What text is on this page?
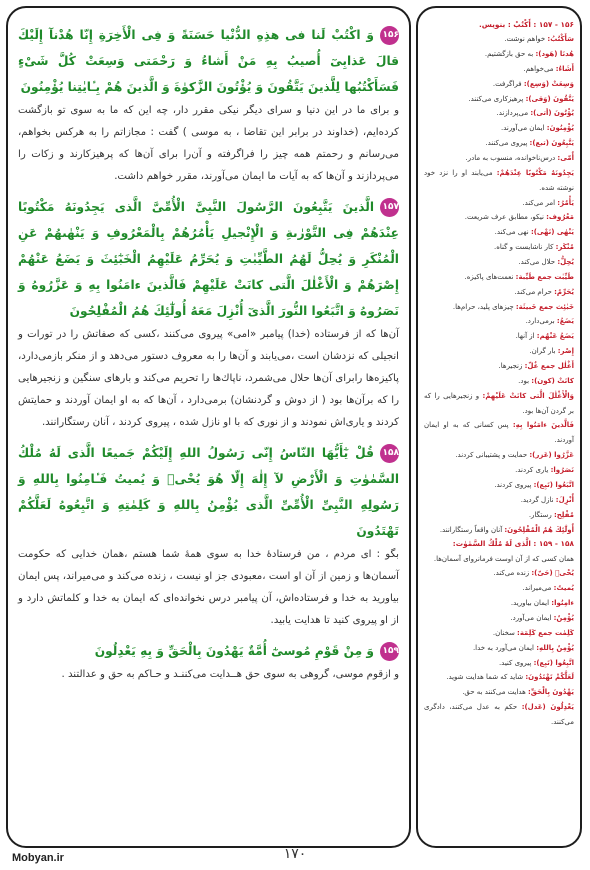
۱۵۶وَ اكْتُبْ لَنا فى هذِهِ الدُّنْيا حَسَنَةً وَ فِى الْأَخِرَةِ إِنّا هُدْنآ إِلَيْكَ قالَ عَذابِىٓ أُصيبُ بِهِ مَنْ أَشاءُ وَ رَحْمَتى وَسِعَتْ كُلَّ شَىْءٍ فَسَأَكْتُبُها لِلَّذينَ يَتَّقُونَ وَ يُؤْتُونَ الزَّكوٰةَ وَ الَّذينَ هُمْ بِـٔايٰتِنا يُؤْمِنُونَ
و براى ما در اين دنيا و سراى ديگر نيكى مقرر دار، چه اين كه ما به سوى تو بازگشت كرده‌ايم، (خداوند در برابر اين تقاضا ، به موسى ) گفت : مجازاتم را به هركس بخواهم، مى‌رسانم و رحمتم همه چيز را فراگرفته و آن‌را براى آن‌ها كه پرهيزكارند و زكات را مى‌پردازند و آن‌ها كه به آيات ما ايمان مى‌آورند، مقرر خواهم داشت.
۱۵۷الَّذينَ يَتَّبِعُونَ الرَّسُولَ النَّبِىَّ الْأُمِّىَّ الَّذى يَجِدُونَهُ مَكْتُوبًا عِنْدَهُمْ فِى التَّوْرٰىةِ وَ الْإِنْجيلِ يَأْمُرُهُمْ بِالْمَعْرُوفِ وَ يَنْهٰىهُمْ عَنِ الْمُنْكَرِ وَ يُحِلُّ لَهُمُ الطَّيِّبٰتِ وَ يُحَرِّمُ عَلَيْهِمُ الْخَبٰٓئِثَ وَ يَضَعُ عَنْهُمْ إِصْرَهُمْ وَ الْأَغْلٰلَ الَّتى كانَتْ عَلَيْهِمْ فَالَّذينَ ءامَنُوا بِهِ وَ عَزَّرُوهُ وَ نَصَرُوهُ وَ اتَّبَعُوا النُّورَ الَّذىٓ أُنْزِلَ مَعَهُ أُولٰٓئِكَ هُمُ الْمُفْلِحُونَ
آن‌ها كه از فرستاده (خدا) پيامبر «امى» پيروى مى‌كنند ،كسى كه صفاتش را در تورات و انجيلى كه نزدشان است ،مى‌يابند و آن‌ها را به معروف دستور مى‌دهد و از منكر بازمى‌دارد، پاكيزه‌ها رابراى آن‌ها حلال مى‌شمرد، ناپاك‌ها را تحريم مى‌كند و بارهاى سنگين و زنجيرهايى را كه برآن‌ها بود ( از دوش و گردنشان) برمى‌دارد ، آن‌ها كه به او ايمان آوردند و حمايتش كردند و يارى‌اش نمودند و از نورى كه با او نازل شده ، پيروى كردند ، آنان رستگارانند.
۱۵۸قُلْ يٰٓأَيُّهَا النّاسُ إِنّى رَسُولُ اللهِ إِلَيْكُمْ جَميعًا الَّذى لَهُ مُلْكُ السَّمٰوٰتِ وَ الْأَرْضِ لآ إِلٰهَ إِلّا هُوَ يُحْىٖ وَ يُميتُ فَـٔامِنُوا بِاللهِ وَ رَسُولِهِ النَّبِىِّ الْأُمِّىِّ الَّذى يُؤْمِنُ بِاللهِ وَ كَلِمٰتِهِ وَ اتَّبِعُوهُ لَعَلَّكُمْ تَهْتَدُونَ
بگو : اى مردم ، من فرستادۀ خدا به سوى همۀ شما هستم ،همان خدايى كه حكومت آسمان‌ها و زمين از آن او است ،معبودى جز او نيست ، زنده مى‌كند و مى‌ميراند، پس ايمان بياوريد به خدا و فرستاده‌اش، آن پيامبر درس نخوانده‌اى كه ايمان به خدا و كلماتش دارد و از او پيروى كنيد تا هدايت يابيد.
۱۵۹وَ مِنْ قَوْمِ مُوسىٰٓ أُمَّةٌ يَهْدُونَ بِالْحَقِّ وَ بِهِ يَعْدِلُونَ
و ازقوم موسى، گروهى به سوى حق هــدايت مى‌كننـد و حـاكم به حق و عدالتند .

۱۵۶ - ۱۵۷ : أَكْتُبْ : بنويس.

سَأَكْتُبُ: خواهم نوشت.

هُدنَا (هَود): به حق بازگشتيم.

أَشَاءُ: مى‌خواهم.

وَسِعَتْ (وَسِع): فراگرفت.

يَتَّقُونَ (وَقى): پرهيزكارى مى‌كنند.

يُؤْتُونَ (أتى): مى‌پردازند.

يُؤْمِنُونَ: ايمان مى‌آورند.

يَتَّبِعُونَ (تبع): پيروى مى‌كنند.

أُمّى: درس‌نا‌خوانده، منسوب به مادر.

يَجِدُونَهُ مَكْتُوبًا عِنْدَهُمْ: مى‌يابند او را نزد خود نوشته شده.

يَأْمُرُ: امر مى‌كند.

مَعْرُوف: نيكو، مطابق عرف شريعت.

يَنْهٰى (نَهْى): نهى مى‌كند.

مُنْكَر: كار ناشايست و گناه.

يُحِلُّ: حلال مى‌كند.

طَيِّبٰت جمع طَيِّبة: نعمت‌هاى پاكيزه.

يُحَرِّمُ: حرام مى‌كند.

خَبٰئِث جمع خَبيثَة: چيزهاى پليد، حرام‌ها.

يَضَعُ: برمى‌دارد.

يَضَعُ عَنْهُم: از آنها.

إِصْر: بار گران.

أَغْلٰل جمع غُلّ: زنجيرها.

كانَتْ (كون): بود.

وَالْأَغْلٰلَ الَّتى كانَتْ عَلَيْهِمْ: و زنجيرهايى را كه بر گردن آن‌ها بود.

فَالَّذينَ ءامَنُوا بِهِ: پس كسانى كه به او ايمان آوردند.

عَزَّرُوا (عَزر): حمايت و پشتيبانى كردند.

نَصَرُوا: يارى كردند.

اتَّبَعُوا (تَبِع): پيروى كردند.

أُنْزِلَ: نازل گرديد.

مُفْلِح: رستگار.

أُولٰٓئِكَ هُمُ الْمُفْلِحُونَ: آنان واقعاً رستگارانند.

۱۵۸ - ۱۵۹ : الَّذى لَهُ مُلْكُ السَّمٰوٰت:

همان كسى كه از آن اوست فرمانرواى آسمان‌ها.

يُحْىٖ (حَىّ): زنده مى‌كند.

يُميتُ: مى‌ميراند.

ءامِنُوا: ايمان بياوريد.

يُؤْمِنُ: ايمان مى‌آورد.

كَلِمٰت جمع كَلِمَة: سخنان.

يُؤْمِنُ بِاللهِ: ايمان مى‌آورد به خدا.

اتَّبِعُوا (تَبِع): پيروى كنيد.

لَعَلَّكُمْ تَهْتَدُونَ: شايد كه شما هدايت شويد.

يَهْدُونَ بِالْحَقِّ: هدايت مى‌كنند به حق.

يَعْدِلُونَ (عَدل): حكم به عدل مى‌كنند، دادگرى مى‌كنند.

Mobyan.ir	۱۷۰
